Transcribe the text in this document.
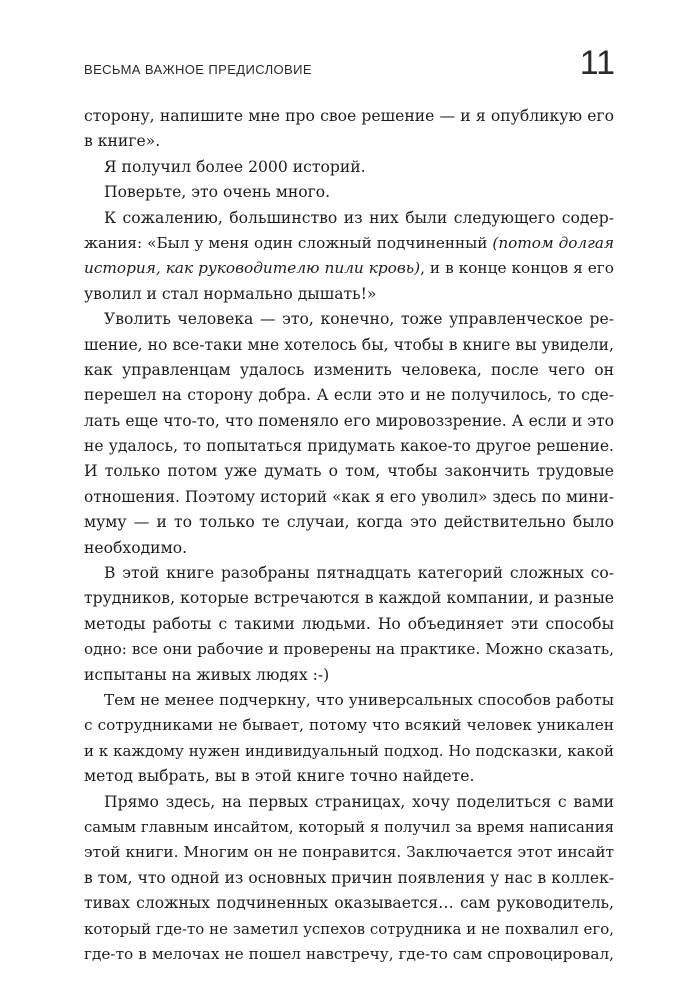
ВЕСЬМА ВАЖНОЕ ПРЕДИСЛОВИЕ	11
сторону, напишите мне про свое решение — и я опубликую его
в книге».
Я получил более 2000 историй.
Поверьте, это очень много.
К сожалению, большинство из них были следующего содер-
жания: «Был у меня один сложный подчиненный (потом долгая
история, как руководителю пили кровь), и в конце концов я его
уволил и стал нормально дышать!»
Уволить человека — это, конечно, тоже управленческое ре-
шение, но все-таки мне хотелось бы, чтобы в книге вы увидели,
как управленцам удалось изменить человека, после чего он
перешел на сторону добра. А если это и не получилось, то сде-
лать еще что-то, что поменяло его мировоззрение. А если и это
не удалось, то попытаться придумать какое-то другое решение.
И только потом уже думать о том, чтобы закончить трудовые
отношения. Поэтому историй «как я его уволил» здесь по мини-
муму — и то только те случаи, когда это действительно было
необходимо.
В этой книге разобраны пятнадцать категорий сложных со-
трудников, которые встречаются в каждой компании, и разные
методы работы с такими людьми. Но объединяет эти способы
одно: все они рабочие и проверены на практике. Можно сказать,
испытаны на живых людях :-)
Тем не менее подчеркну, что универсальных способов работы
с сотрудниками не бывает, потому что всякий человек уникален
и к каждому нужен индивидуальный подход. Но подсказки, какой
метод выбрать, вы в этой книге точно найдете.
Прямо здесь, на первых страницах, хочу поделиться с вами
самым главным инсайтом, который я получил за время написания
этой книги. Многим он не понравится. Заключается этот инсайт
в том, что одной из основных причин появления у нас в коллек-
тивах сложных подчиненных оказывается… сам руководитель,
который где-то не заметил успехов сотрудника и не похвалил его,
где-то в мелочах не пошел навстречу, где-то сам спровоцировал,
